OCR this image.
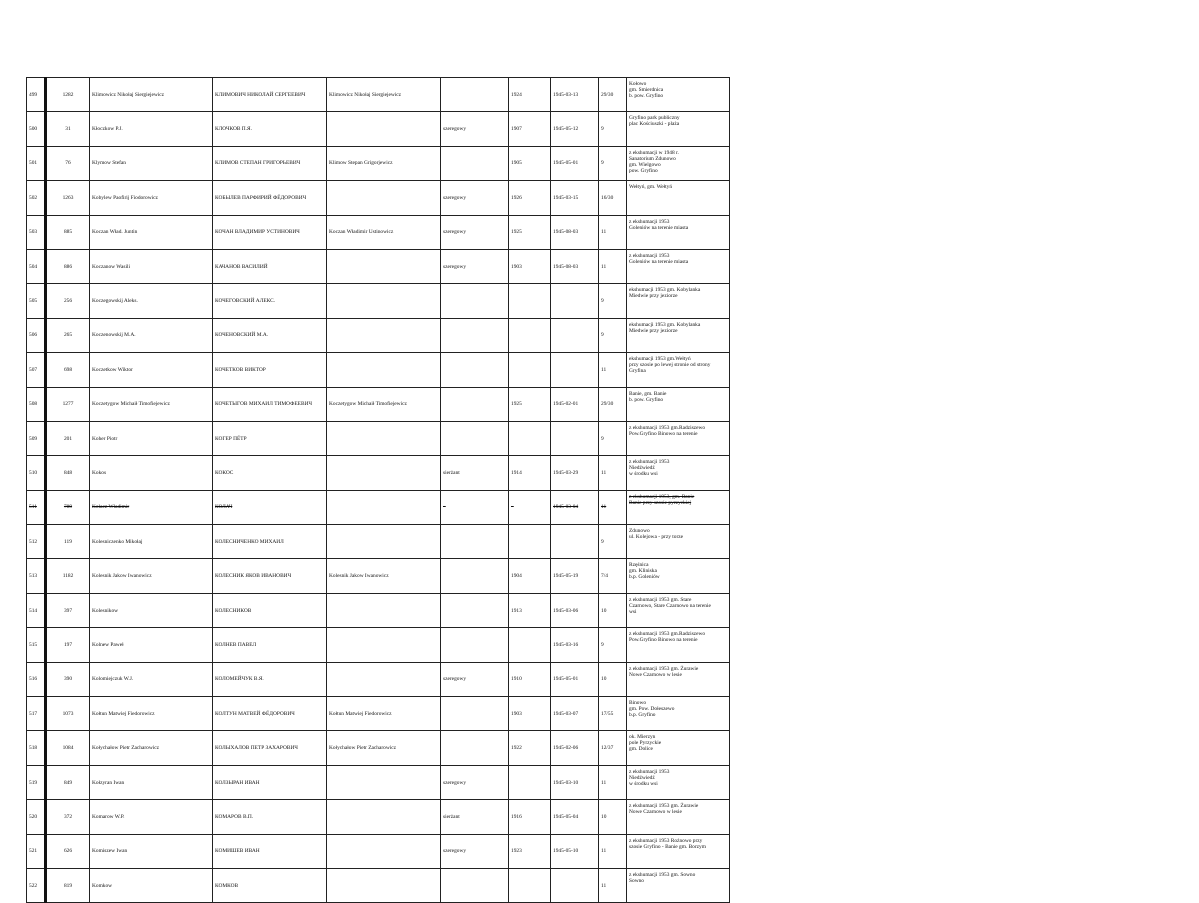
499	1282	Klimowicz Nikołaj Siergiejewicz	КЛИМОВИЧ НИКОЛАЙ СЕРГЕЕВИЧ	Klimowicz Nikołaj Siergiejewicz		1924	1945-03-13	29/30	Kołowo
gm. Smierdnica
b. pow. Gryfino

500	31	Kłoczkow P.J.	КЛОЧКОВ П.Я.		szeregowy	1907	1945-05-12	9	Gryfino park publiczny
plac Kościuszki - plaża

501	76	Klymow Stefan	КЛИМОВ СТЕПАН ГРИГОРЬЕВИЧ	Klimow Stepan Grigorjewicz		1905	1945-05-01	9	z ekshumacji w 1948 r.
Sanatorium Zdunowo
gm. Wielgowo
pow. Gryfino

502	1263	Kobylew Paofirij Fiodorowicz	КОБЫЛЕВ ПАРФИРИЙ ФЁДОРОВИЧ		szeregowy	1926	1945-03-15	16/30	Wełtyń, gm. Wełtyń

503	885	Koczan Wład. Juntin	КОЧАН ВЛАДИМИР УСТИНОВИЧ	Koczan Władimir Ustinowicz	szeregowy	1925	1945-08-03	11	z ekshumacji 1953
Goleniów na terenie miasta

504	886	Koczanow Wasili	КАЧАНОВ ВАСИЛИЙ		szeregowy	1903	1945-08-03	11	z ekshumacji 1953
Goleniów na terenie miasta

505	256	Koczegowskij Aleks.	КОЧЕГОВСКИЙ АЛЕКС.					9	ekshumacji 1953 gm. Kobylanka
Miedwie przy jeziorze

506	265	Koczenowskij M.A.	КОЧЕНОВСКИЙ М.А.					9	ekshumacji 1953 gm. Kobylanka
Miedwie przy jeziorze

507	698	Koczetkow Wiktor	КОЧЕТКОВ ВИКТОР					11	ekshumacji 1953 gm.Wełtyń
przy szosie po lewej stronie od strony
Gryfina

508	1277	Koczetygow Michaił Timofiejewicz	КОЧЕТЫГОВ МИХАИЛ ТИМОФЕЕВИЧ	Koczetygow Michaił Timofiejewicz		1925	1945-02-01	29/30	Banie, gm. Banie
b. pow. Gryfino

509	201	Koher Piotr	КОГЕР ПЁТР					9	z ekshumacji 1953 gm.Radziszewo
Pow.Gryfino Binowo na terenie

510	848	Kokos	КОКОС		sierżant	1914	1945-03-29	11	z ekshumacji 1953
Niedźwiedź
w środku wsi

511	789	Kołacz Władimir	КОЛАЧ		–	–	1945-03-04	11	z ekshumacji 1953, gm. Banie
Banie przy szosie pyrzyckiej

512	119	Kolesniczenko Mikołaj	КОЛЕСНИЧЕНКО МИХАИЛ					9	Zdunowo
ul. Kolejowa - przy torze

513	1182	Kolesnik Jakow Iwanowicz	КОЛЕСНИК ЯКОВ ИВАНОВИЧ	Kolesnik Jakow Iwanowicz		1904	1945-05-19	7/4	Rzęśnica
gm. Kliniska
b.p. Goleniów

514	397	Kolesnikow	КОЛЕСНИКОВ			1913	1945-03-06	10	z ekshumacji 1953 gm. Stare
Czarnowo, Stare Czarnowo na terenie
wsi

515	197	Kolnew Paweł	КОЛНЕВ ПАВЕЛ				1945-03-16	9	z ekshumacji 1953 gm.Radziszewo
Pow.Gryfino Binowo na terenie

516	390	Kolomiejczuk W.J.	КОЛОМЕЙЧУК В.Я.		szeregowy	1910	1945-05-01	10	z ekshumacji 1953 gm. Żurawie
Nowe Czarnowo w lesie

517	1073	Kołtun Matwiej Fiedorowicz	КОЛТУН МАТВЕЙ ФЁДОРОВИЧ	Kołtun Matwiej Fiedorowicz		1903	1945-03-07	17/55	Binowo
gm. Pow. Dołeszewo
b.p. Gryfino

518	1084	Kołychałow Pietr Zacharowicz	КОЛЫХАЛОВ ПЕТР ЗАХАРОВИЧ	Kołychałow Pietr Zacharowicz		1922	1945-02-06	12/37	ok. Mierzyn
pole Pyrzyckie
gm. Dolice

519	849	Kołzyran Iwan	КОЛЗЫРАН ИВАН		szeregowy		1945-03-10	11	z ekshumacji 1953
Niedźwiedź
w środku wsi

520	372	Komarow W.P.	КОМАРОВ В.П.		sierżant	1916	1945-05-04	10	z ekshumacji 1953 gm. Żurawie
Nowe Czarnowo w lesie

521	626	Komiszew Iwan	КОМИШЕВ ИВАН		szeregowy	1923	1945-05-10	11	z ekshumacji 1953 Rożnowo przy
szosie Gryfino - Banie gm. Borzym

522	819	Komkow	КОМКОВ					11	z ekshumacji 1953 gm. Sowno
Sowno
